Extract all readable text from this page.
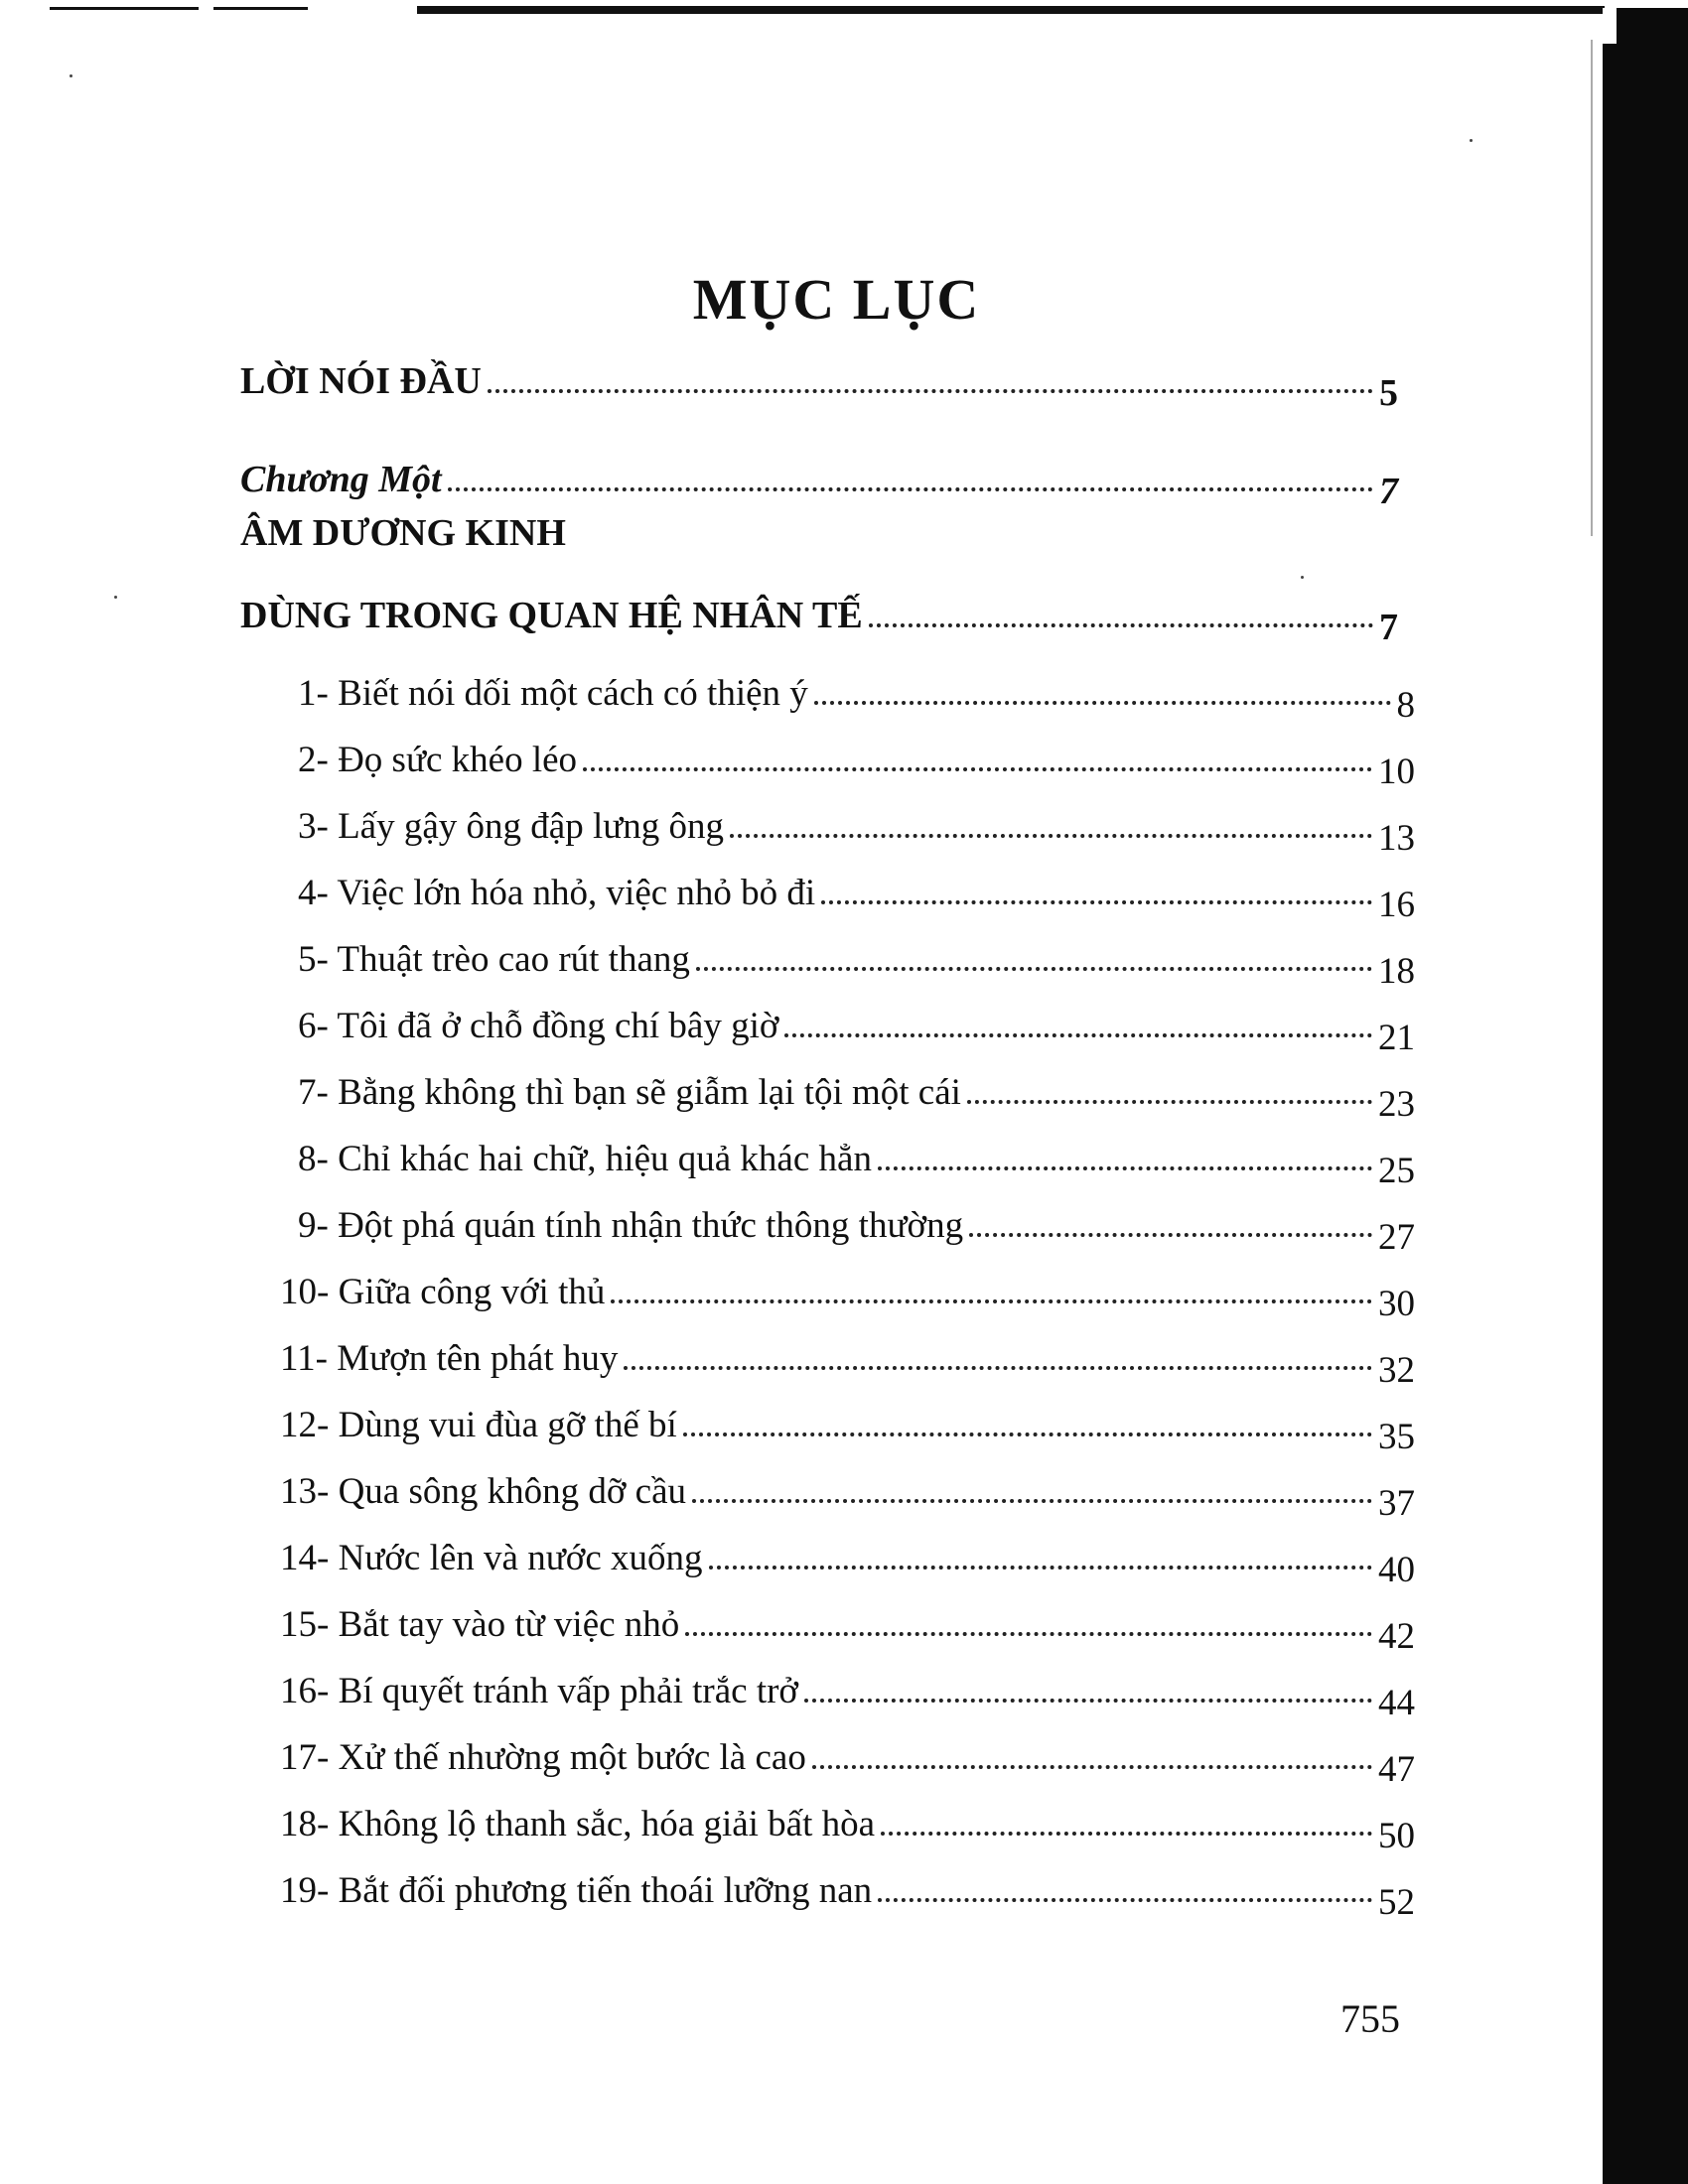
MỤC LỤC
LỜI NÓI ĐẦU	5
Chương Một	7
ÂM DƯƠNG KINH
DÙNG TRONG QUAN HỆ NHÂN TẾ	7
1- Biết nói dối một cách có thiện ý	8
2- Đọ sức khéo léo	10
3- Lấy gậy ông đập lưng ông	13
4- Việc lớn hóa nhỏ, việc nhỏ bỏ đi	16
5- Thuật trèo cao rút thang	18
6- Tôi đã ở chỗ đồng chí bây giờ	21
7- Bằng không thì bạn sẽ giẫm lại tội một cái	23
8- Chỉ khác hai chữ, hiệu quả khác hẳn	25
9- Đột phá quán tính nhận thức thông thường	27
10- Giữa công với thủ	30
11- Mượn tên phát huy	32
12- Dùng vui đùa gỡ thế bí	35
13- Qua sông không dỡ cầu	37
14- Nước lên và nước xuống	40
15- Bắt tay vào từ việc nhỏ	42
16- Bí quyết tránh vấp phải trắc trở	44
17- Xử thế nhường một bước là cao	47
18- Không lộ thanh sắc, hóa giải bất hòa	50
19- Bắt đối phương tiến thoái lưỡng nan	52
755
